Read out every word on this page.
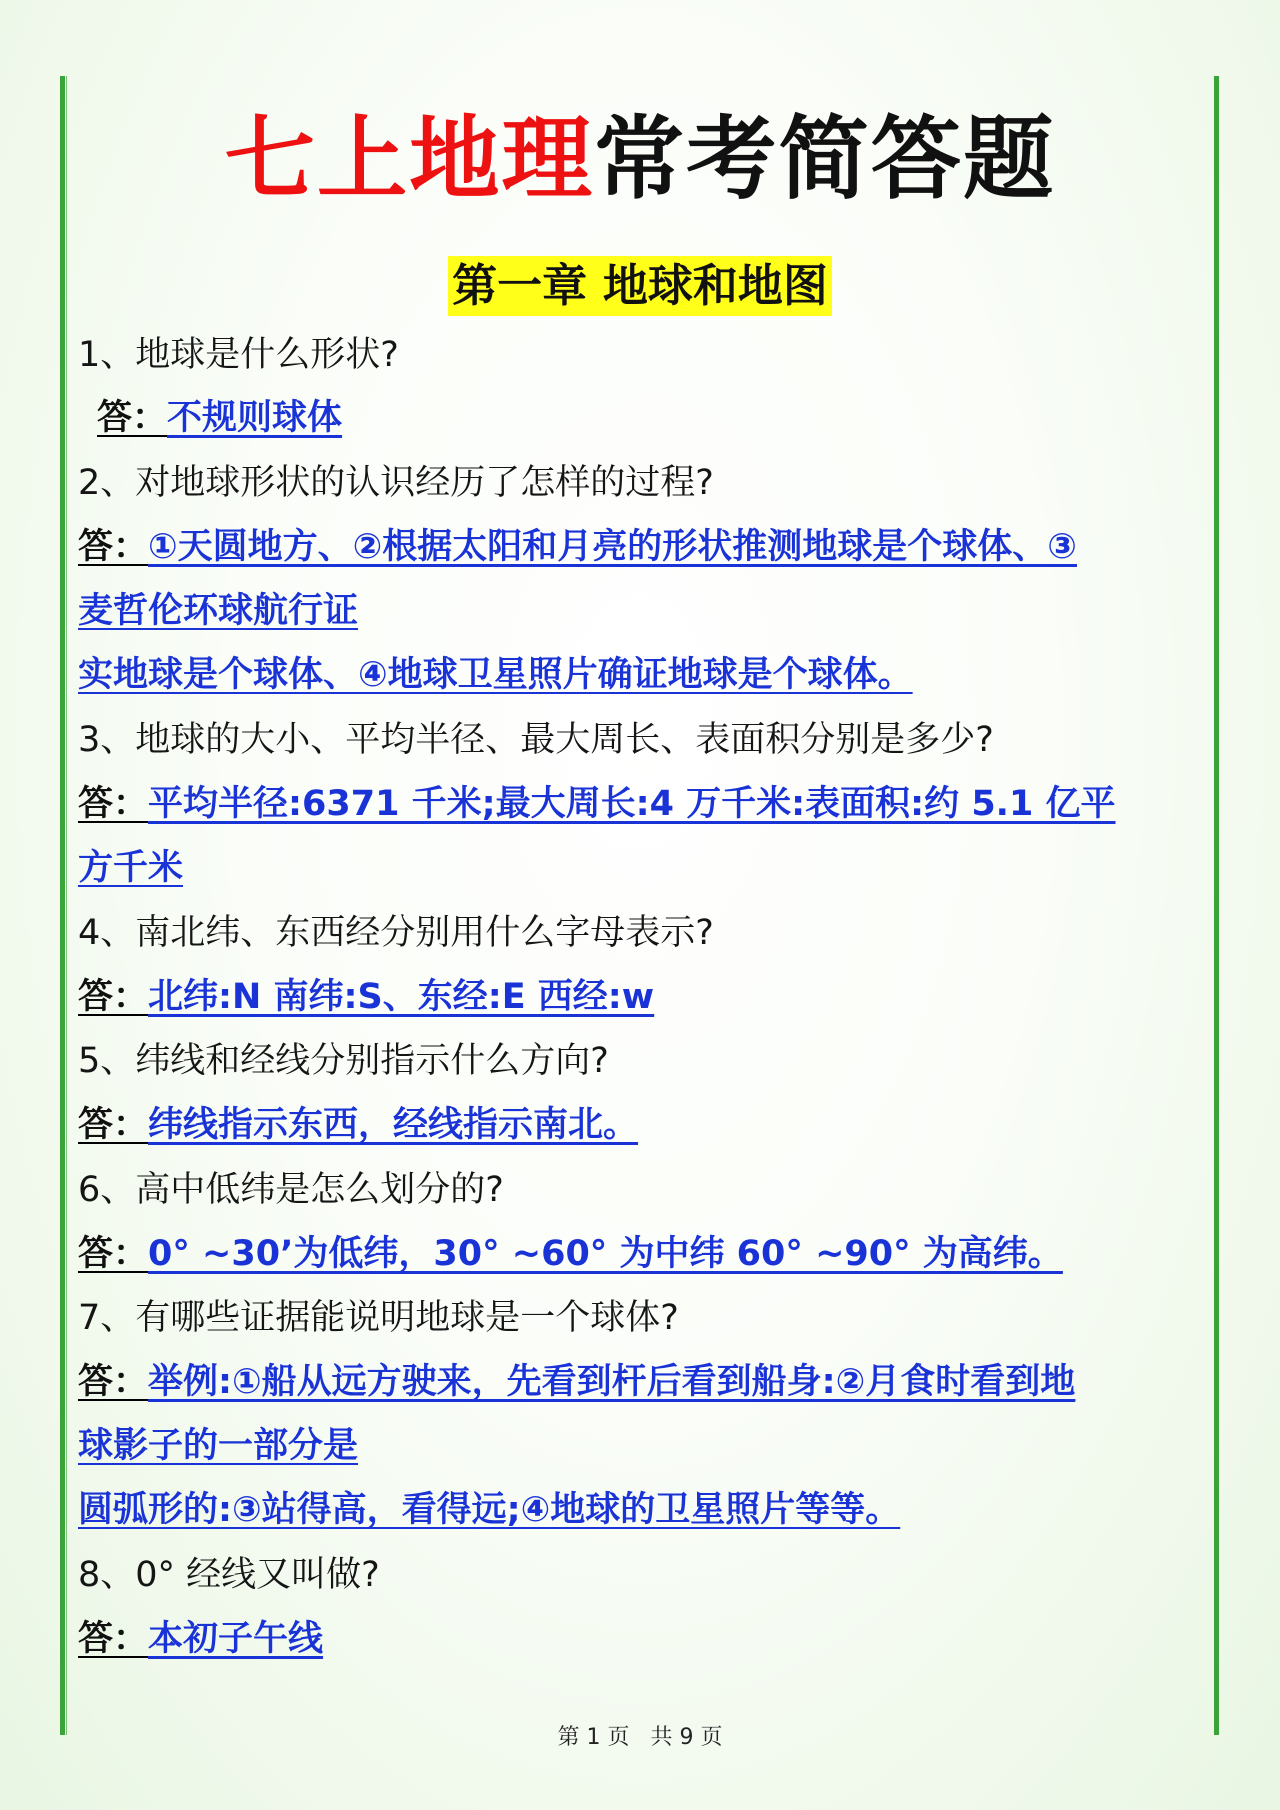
七上地理常考简答题
第一章 地球和地图
1、地球是什么形状?
答：不规则球体
2、对地球形状的认识经历了怎样的过程?
答：①天圆地方、②根据太阳和月亮的形状推测地球是个球体、③
麦哲伦环球航行证
实地球是个球体、④地球卫星照片确证地球是个球体。
3、地球的大小、平均半径、最大周长、表面积分别是多少?
答：平均半径:6371 千米;最大周长:4 万千米:表面积:约 5.1 亿平
方千米
4、南北纬、东西经分别用什么字母表示?
答：北纬:N 南纬:S、东经:E 西经:w
5、纬线和经线分别指示什么方向?
答：纬线指示东西，经线指示南北。
6、高中低纬是怎么划分的?
答：0° ~30’为低纬，30° ~60° 为中纬 60° ~90° 为高纬。
7、有哪些证据能说明地球是一个球体?
答：举例:①船从远方驶来，先看到杆后看到船身:②月食时看到地
球影子的一部分是
圆弧形的:③站得高，看得远;④地球的卫星照片等等。
8、0° 经线又叫做?
答：本初子午线
第 1 页   共 9 页
